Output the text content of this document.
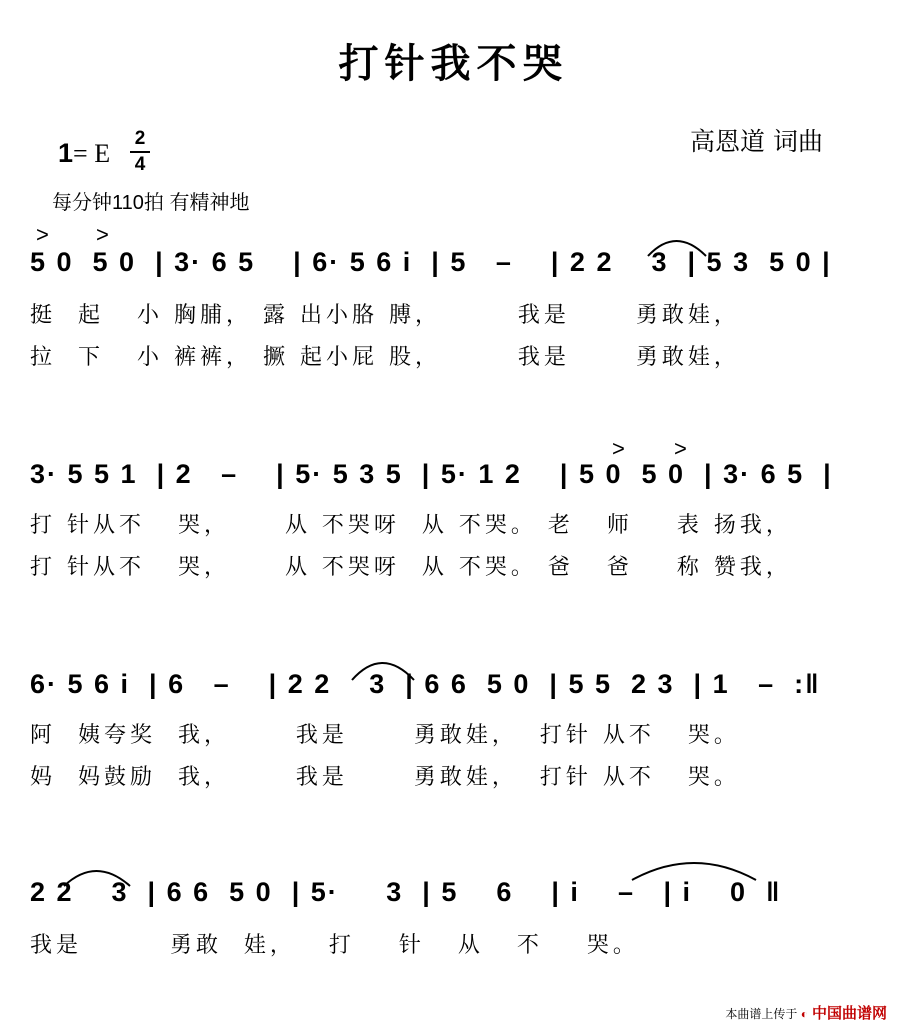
打针我不哭
高恩道 词曲
1= E
2
4
每分钟110拍 有精神地
> >
5 0  5 0  | 3· 6 5    | 6· 5 6 i  | 5   –    | 2 2    3  | 5 3  5 0 |
挺  起   小 胸脯， 露 出小胳 膊，       我是      勇敢娃，
拉  下   小 裤裤， 撅 起小屁 股，       我是      勇敢娃，
> >
3· 5 5 1  | 2   –    | 5· 5 3 5  | 5· 1 2    | 5 0  5 0  | 3· 6 5  |
打 针从不   哭，     从 不哭呀  从 不哭。 老   师    表 扬我，
打 针从不   哭，     从 不哭呀  从 不哭。 爸   爸    称 赞我，
6· 5 6 i  | 6   –    | 2 2    3  | 6 6  5 0  | 5 5  2 3  | 1   –  :‖
阿  姨夸奖  我，      我是      勇敢娃，  打针 从不   哭。
妈  妈鼓励  我，      我是      勇敢娃，  打针 从不   哭。
2 2    3  | 6 6  5 0  | 5·     3  | 5    6    | i    –   | i    0  ‖
我是        勇敢  娃，   打    针   从   不    哭。
本曲谱上传于 ◐ 中国曲谱网
